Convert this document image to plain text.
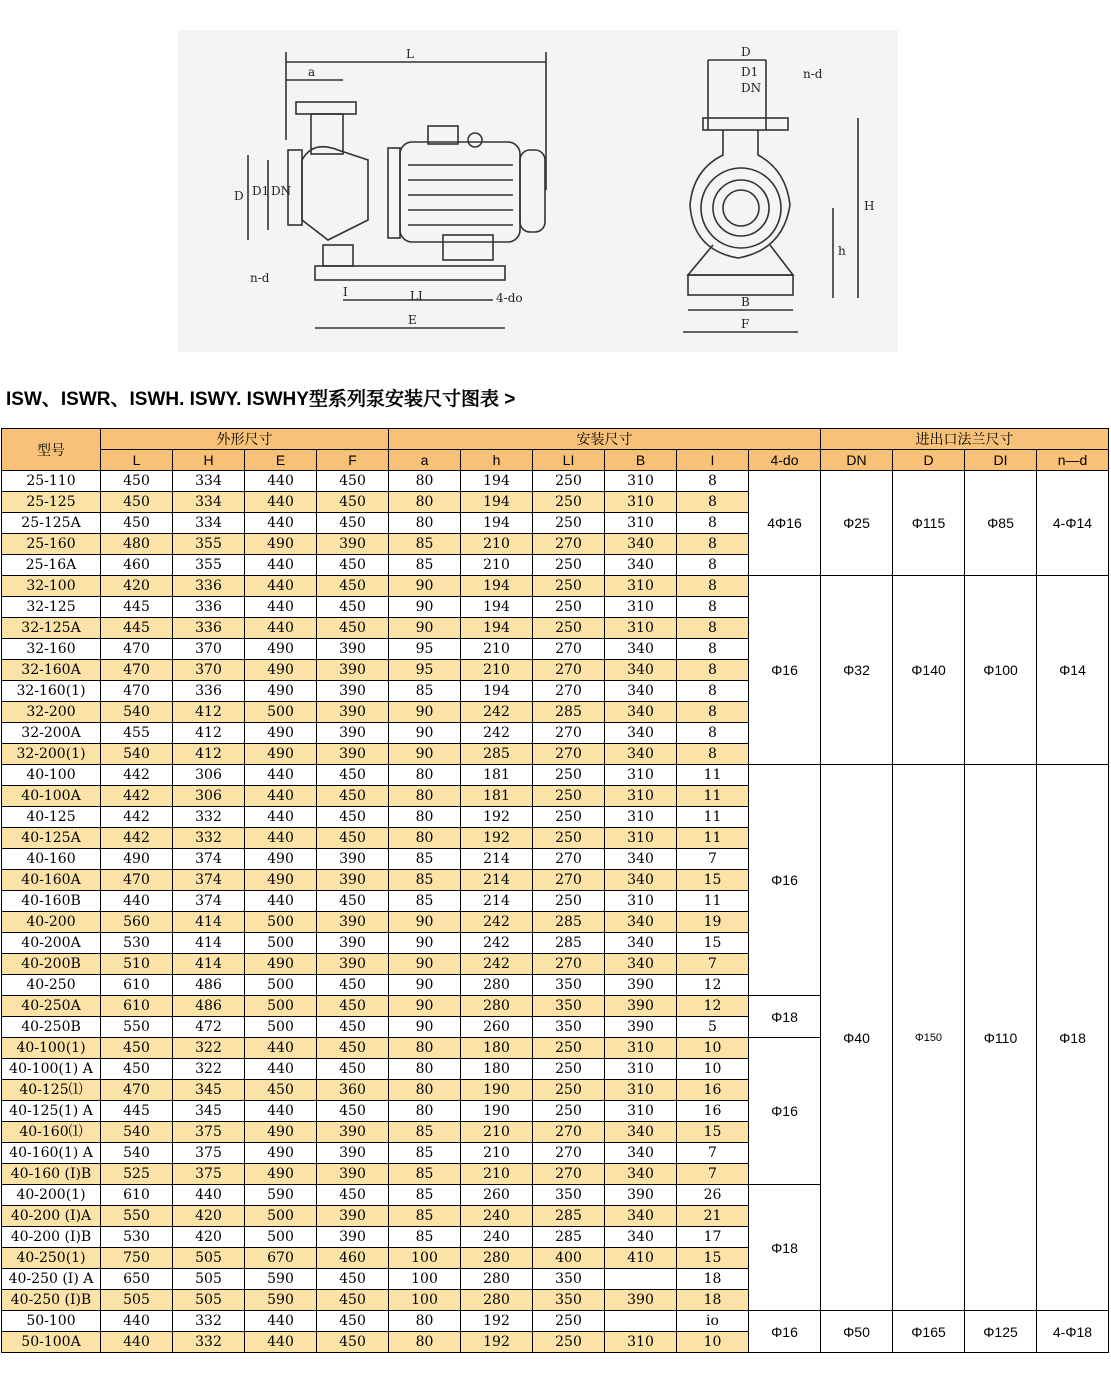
L
a
D D1 DN
n-d
I	LI	4-do
E
D
D1
DN
n-d
H
h
B
F
ISW、ISWR、ISWH. ISWY. ISWHY型系列泵安装尺寸图表 >
型号	外形尺寸				安装尺寸						进出口法兰尺寸			
	L	H	E	F	a	h	LI	B	I	4-do	DN	D	DI	n—d
25-110	450	334	440	450	80	194	250	310	8	4Φ16	Φ25	Φ115	Φ85	4-Φ14
25-125	450	334	440	450	80	194	250	310	8					
25-125A	450	334	440	450	80	194	250	310	8					
25-160	480	355	490	390	85	210	270	340	8					
25-16A	460	355	440	450	85	210	250	340	8					
32-100	420	336	440	450	90	194	250	310	8	Φ16	Φ32	Φ140	Φ100	Φ14
32-125	445	336	440	450	90	194	250	310	8					
32-125A	445	336	440	450	90	194	250	310	8					
32-160	470	370	490	390	95	210	270	340	8					
32-160A	470	370	490	390	95	210	270	340	8					
32-160(1)	470	336	490	390	85	194	270	340	8					
32-200	540	412	500	390	90	242	285	340	8					
32-200A	455	412	490	390	90	242	270	340	8					
32-200(1)	540	412	490	390	90	285	270	340	8					
40-100	442	306	440	450	80	181	250	310	11	Φ16	Φ40	Φ150	Φ110	Φ18
40-100A	442	306	440	450	80	181	250	310	11					
40-125	442	332	440	450	80	192	250	310	11					
40-125A	442	332	440	450	80	192	250	310	11					
40-160	490	374	490	390	85	214	270	340	7					
40-160A	470	374	490	390	85	214	270	340	15					
40-160B	440	374	440	450	85	214	250	310	11					
40-200	560	414	500	390	90	242	285	340	19					
40-200A	530	414	500	390	90	242	285	340	15					
40-200B	510	414	490	390	90	242	270	340	7					
40-250	610	486	500	450	90	280	350	390	12					
40-250A	610	486	500	450	90	280	350	390	12	Φ18				
40-250B	550	472	500	450	90	260	350	390	5					
40-100(1)	450	322	440	450	80	180	250	310	10	Φ16				
40-100(1) A	450	322	440	450	80	180	250	310	10					
40-125⑴	470	345	450	360	80	190	250	310	16					
40-125(1) A	445	345	440	450	80	190	250	310	16					
40-160⑴	540	375	490	390	85	210	270	340	15					
40-160(1) A	540	375	490	390	85	210	270	340	7					
40-160 (I)B	525	375	490	390	85	210	270	340	7					
40-200(1)	610	440	590	450	85	260	350	390	26	Φ18				
40-200 (I)A	550	420	500	390	85	240	285	340	21					
40-200 (I)B	530	420	500	390	85	240	285	340	17					
40-250(1)	750	505	670	460	100	280	400	410	15					
40-250 (I) A	650	505	590	450	100	280	350		18					
40-250 (I)B	505	505	590	450	100	280	350	390	18					
50-100	440	332	440	450	80	192	250		io	Φ16	Φ50	Φ165	Φ125	4-Φ18
50-100A	440	332	440	450	80	192	250	310	10					
